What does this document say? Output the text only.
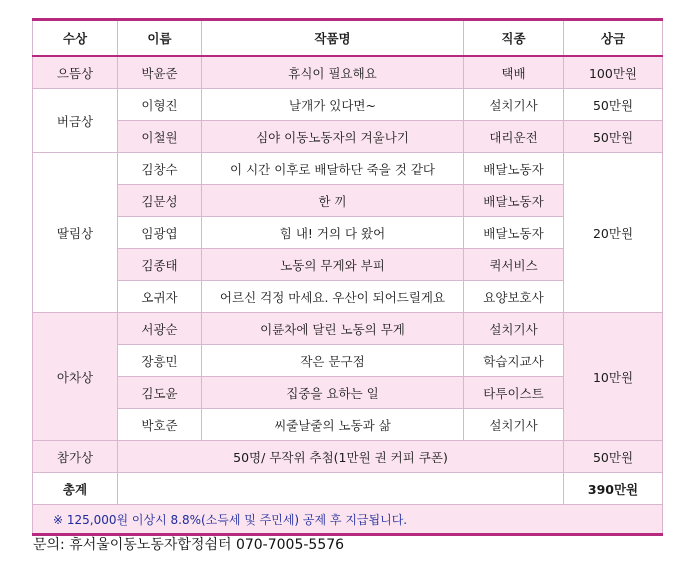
수상	이름	작품명	직종	상금
으뜸상	박윤준	휴식이 필요해요	택배	100만원
버금상	이형진	날개가 있다면~	설치기사	50만원
	이철원	심야 이동노동자의 겨울나기	대리운전	50만원
딸림상	김창수	이 시간 이후로 배달하단 죽을 것 같다	배달노동자	20만원
	김문성	한 끼	배달노동자	
	임광엽	힘 내! 거의 다 왔어	배달노동자	
	김종태	노동의 무게와 부피	퀵서비스	
	오귀자	어르신 걱정 마세요. 우산이 되어드릴게요	요양보호사	
아차상	서광순	이륜차에 달린 노동의 무게	설치기사	10만원
	장흥민	작은 문구점	학습지교사	
	김도윤	집중을 요하는 일	타투이스트	
	박호준	씨줄날줄의 노동과 삶	설치기사	
참가상	50명/ 무작위 추첨(1만원 권 커피 쿠폰)			50만원
총계				390만원
※ 125,000원 이상시 8.8%(소득세 및 주민세) 공제 후 지급됩니다.				
문의: 휴서울이동노동자합정쉼터 070-7005-5576
